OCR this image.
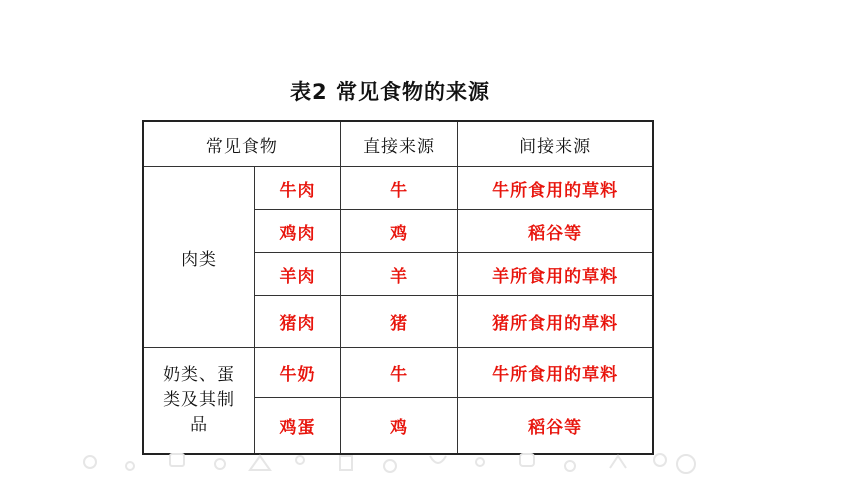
表2 常见食物的来源
常见食物		直接来源	间接来源
肉类	牛肉	牛	牛所食用的草料
	鸡肉	鸡	稻谷等
	羊肉	羊	羊所食用的草料
	猪肉	猪	猪所食用的草料

奶类、蛋
类及其制
品	牛奶	牛	牛所食用的草料
	鸡蛋	鸡	稻谷等
